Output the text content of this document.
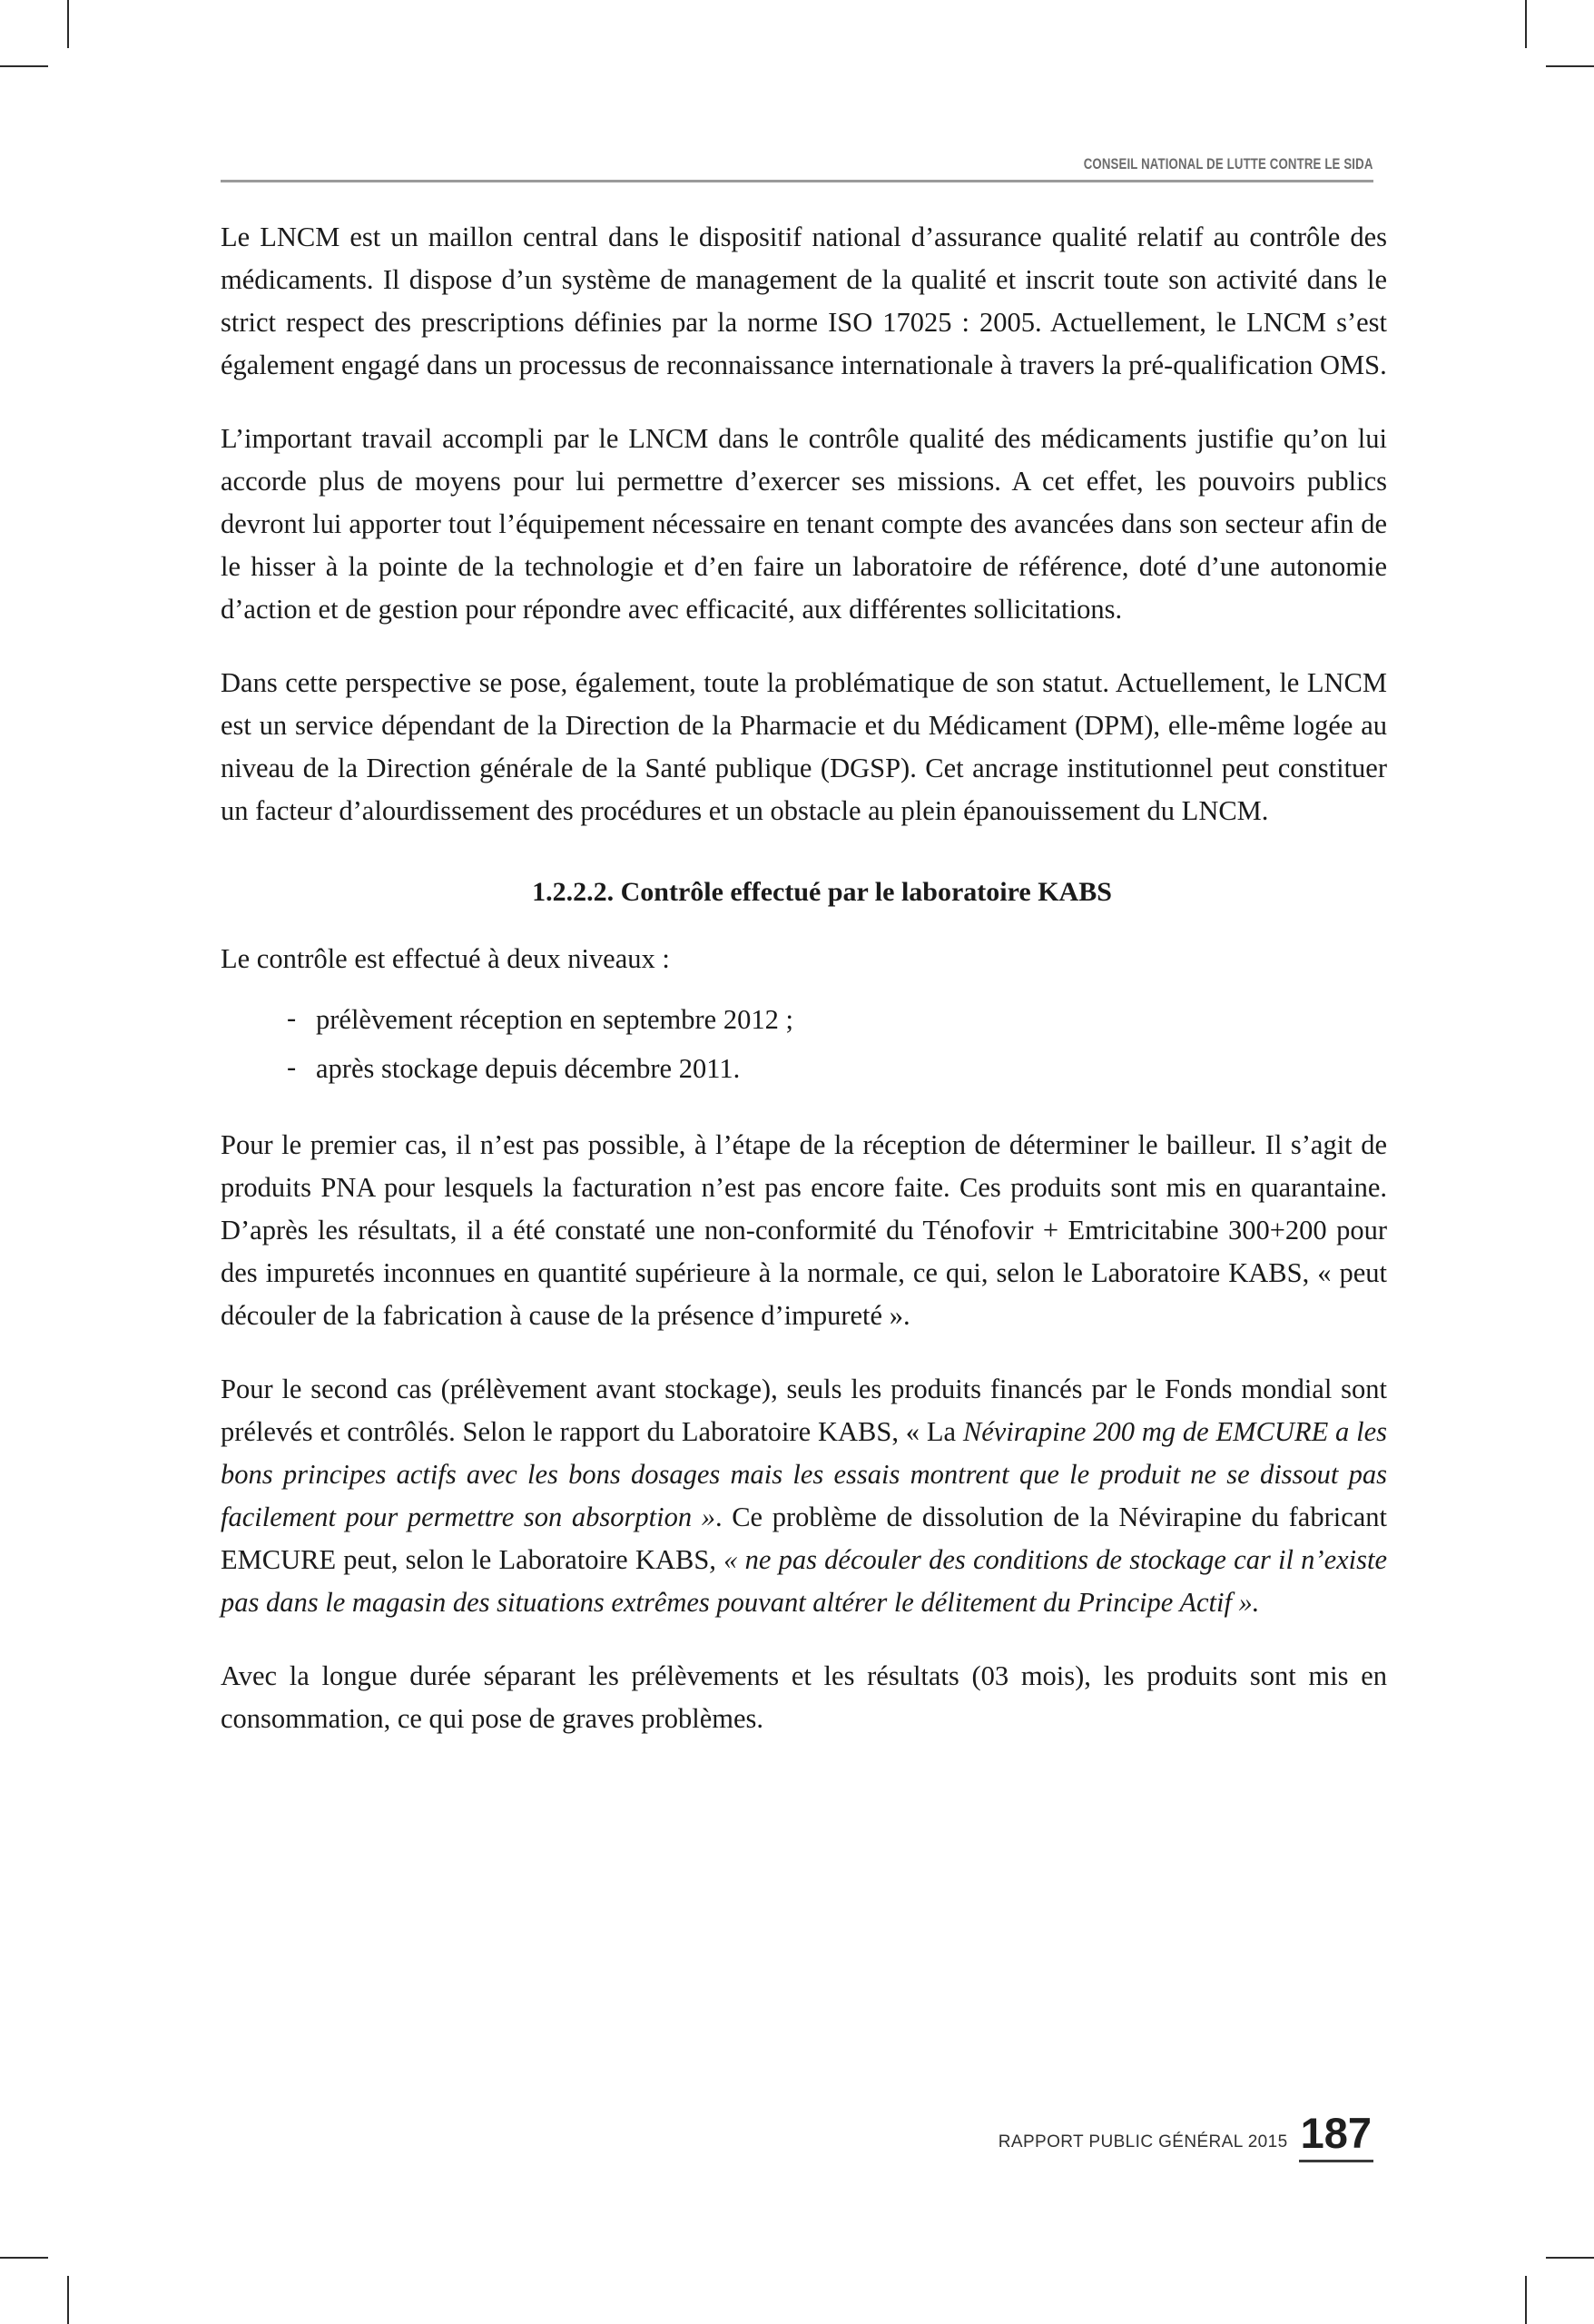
CONSEIL NATIONAL DE LUTTE CONTRE LE SIDA

Le LNCM est un maillon central dans le dispositif national d’assurance qualité relatif au contrôle des médicaments. Il dispose d’un système de management de la qualité et inscrit toute son activité dans le strict respect des prescriptions définies par la norme ISO 17025 : 2005. Actuellement, le LNCM s’est également engagé dans un processus de reconnaissance internationale à travers la pré-qualification OMS.

L’important travail accompli par le LNCM dans le contrôle qualité des médicaments justifie qu’on lui accorde plus de moyens pour lui permettre d’exercer ses missions. A cet effet, les pouvoirs publics devront lui apporter tout l’équipement nécessaire en tenant compte des avancées dans son secteur afin de le hisser à la pointe de la technologie et d’en faire un laboratoire de référence, doté d’une autonomie d’action et de gestion pour répondre avec efficacité, aux différentes sollicitations.

Dans cette perspective se pose, également, toute la problématique de son statut. Actuellement, le LNCM est un service dépendant de la Direction de la Pharmacie et du Médicament (DPM), elle-même logée au niveau de la Direction générale de la Santé publique (DGSP). Cet ancrage institutionnel peut constituer un facteur d’alourdissement des procédures et un obstacle au plein épanouissement du LNCM.

1.2.2.2. Contrôle effectué par le laboratoire KABS

Le contrôle est effectué à deux niveaux :

- prélèvement réception en septembre 2012 ;
- après stockage depuis décembre 2011.

Pour le premier cas, il n’est pas possible, à l’étape de la réception de déterminer le bailleur. Il s’agit de produits PNA pour lesquels la facturation n’est pas encore faite. Ces produits sont mis en quarantaine. D’après les résultats, il a été constaté une non-conformité du Ténofovir + Emtricitabine 300+200 pour des impuretés inconnues en quantité supérieure à la normale, ce qui, selon le Laboratoire KABS, « peut découler de la fabrication à cause de la présence d’impureté ».

Pour le second cas (prélèvement avant stockage), seuls les produits financés par le Fonds mondial sont prélevés et contrôlés. Selon le rapport du Laboratoire KABS, « La Névirapine 200 mg de EMCURE a les bons principes actifs avec les bons dosages mais les essais montrent que le produit ne se dissout pas facilement pour permettre son absorption ». Ce problème de dissolution de la Névirapine du fabricant EMCURE peut, selon le Laboratoire KABS, « ne pas découler des conditions de stockage car il n’existe pas dans le magasin des situations extrêmes pouvant altérer le délitement du Principe Actif ».

Avec la longue durée séparant les prélèvements et les résultats (03 mois), les produits sont mis en consommation, ce qui pose de graves problèmes.

RAPPORT PUBLIC GÉNÉRAL 2015 187
